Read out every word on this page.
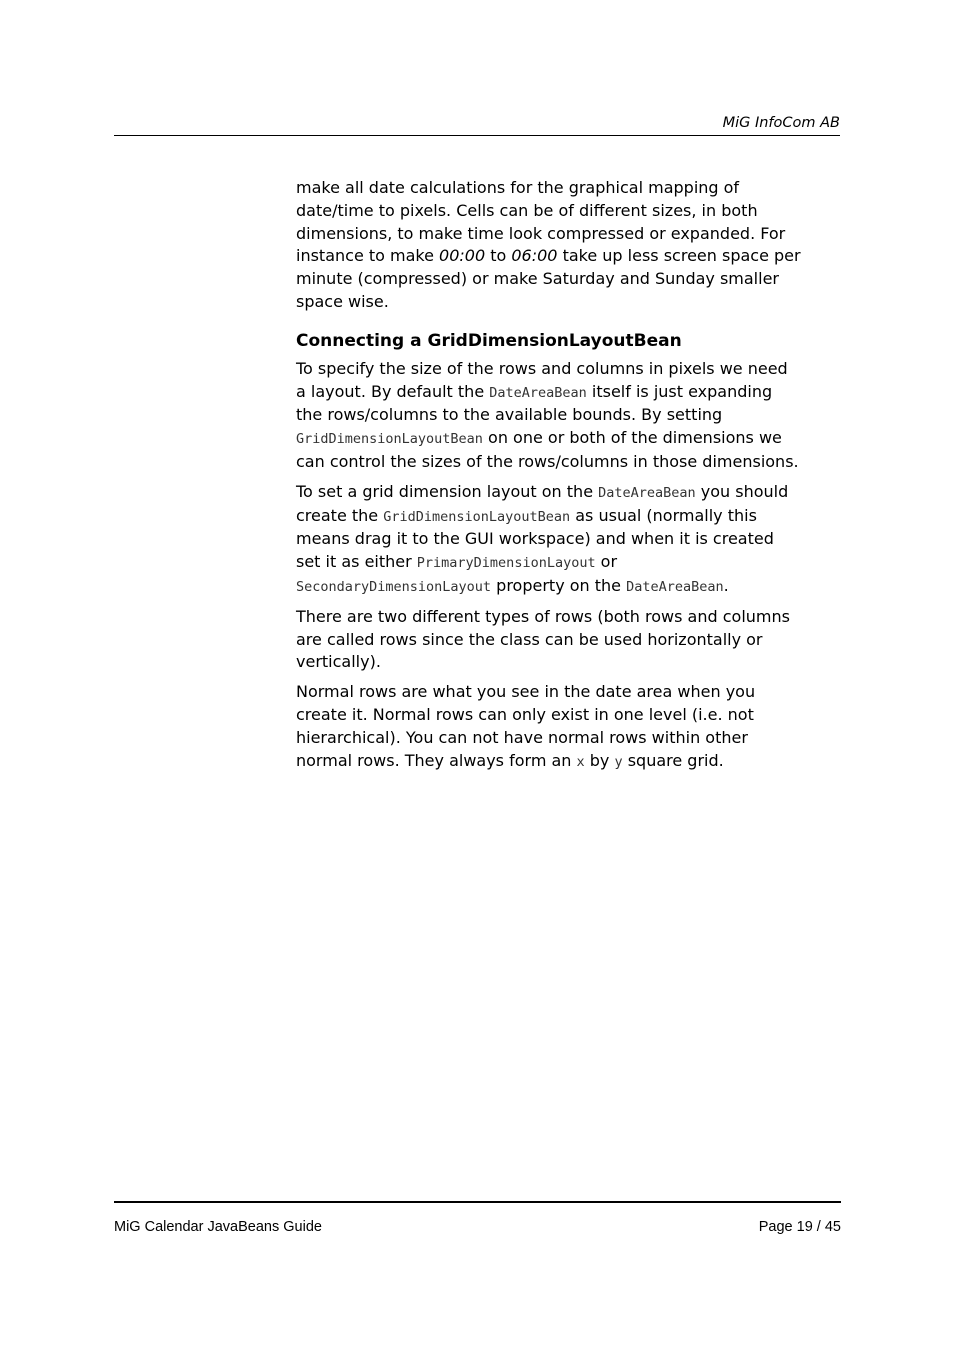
MiG InfoCom AB

make all date calculations for the graphical mapping of date/time to pixels. Cells can be of different sizes, in both dimensions, to make time look compressed or expanded. For instance to make 00:00 to 06:00 take up less screen space per minute (compressed) or make Saturday and Sunday smaller space wise.

Connecting a GridDimensionLayoutBean

To specify the size of the rows and columns in pixels we need a layout. By default the DateAreaBean itself is just expanding the rows/columns to the available bounds. By setting GridDimensionLayoutBean on one or both of the dimensions we can control the sizes of the rows/columns in those dimensions.

To set a grid dimension layout on the DateAreaBean you should create the GridDimensionLayoutBean as usual (normally this means drag it to the GUI workspace) and when it is created set it as either PrimaryDimensionLayout or SecondaryDimensionLayout property on the DateAreaBean.

There are two different types of rows (both rows and columns are called rows since the class can be used horizontally or vertically).

Normal rows are what you see in the date area when you create it. Normal rows can only exist in one level (i.e. not hierarchical). You can not have normal rows within other normal rows. They always form an x by y square grid.

MiG Calendar JavaBeans Guide	Page 19 / 45
